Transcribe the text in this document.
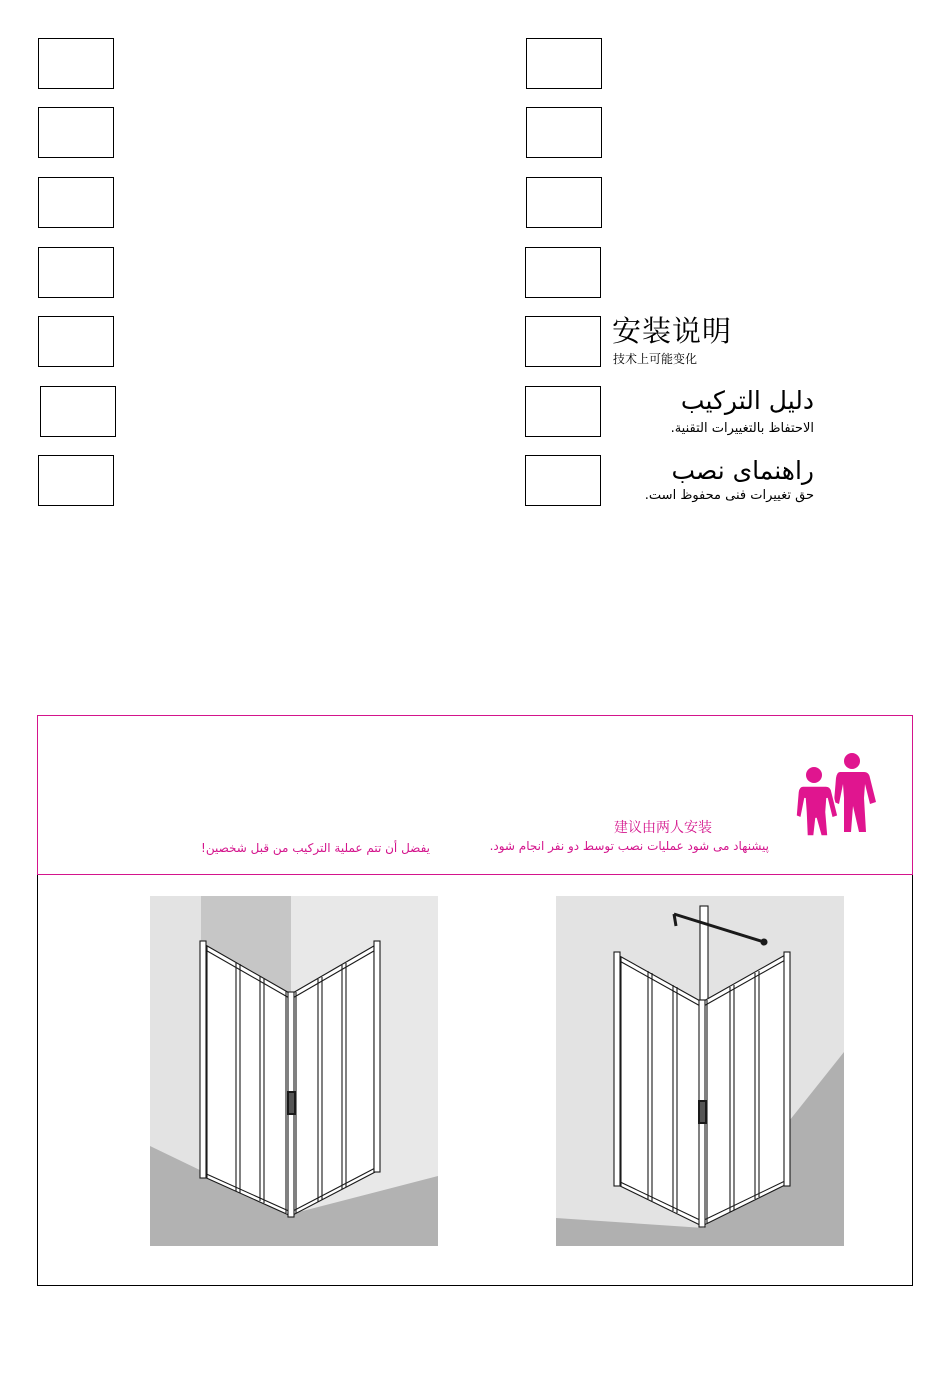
安装说明
技术上可能变化
دليل التركيب
الاحتفاظ بالتغييرات التقنية.
راهنمای نصب
حق تغییرات فنی محفوظ است.
建议由两人安装
پیشنهاد می شود عملیات نصب توسط دو نفر انجام شود.
يفضل أن تتم عملية التركيب من قبل شخصين!
